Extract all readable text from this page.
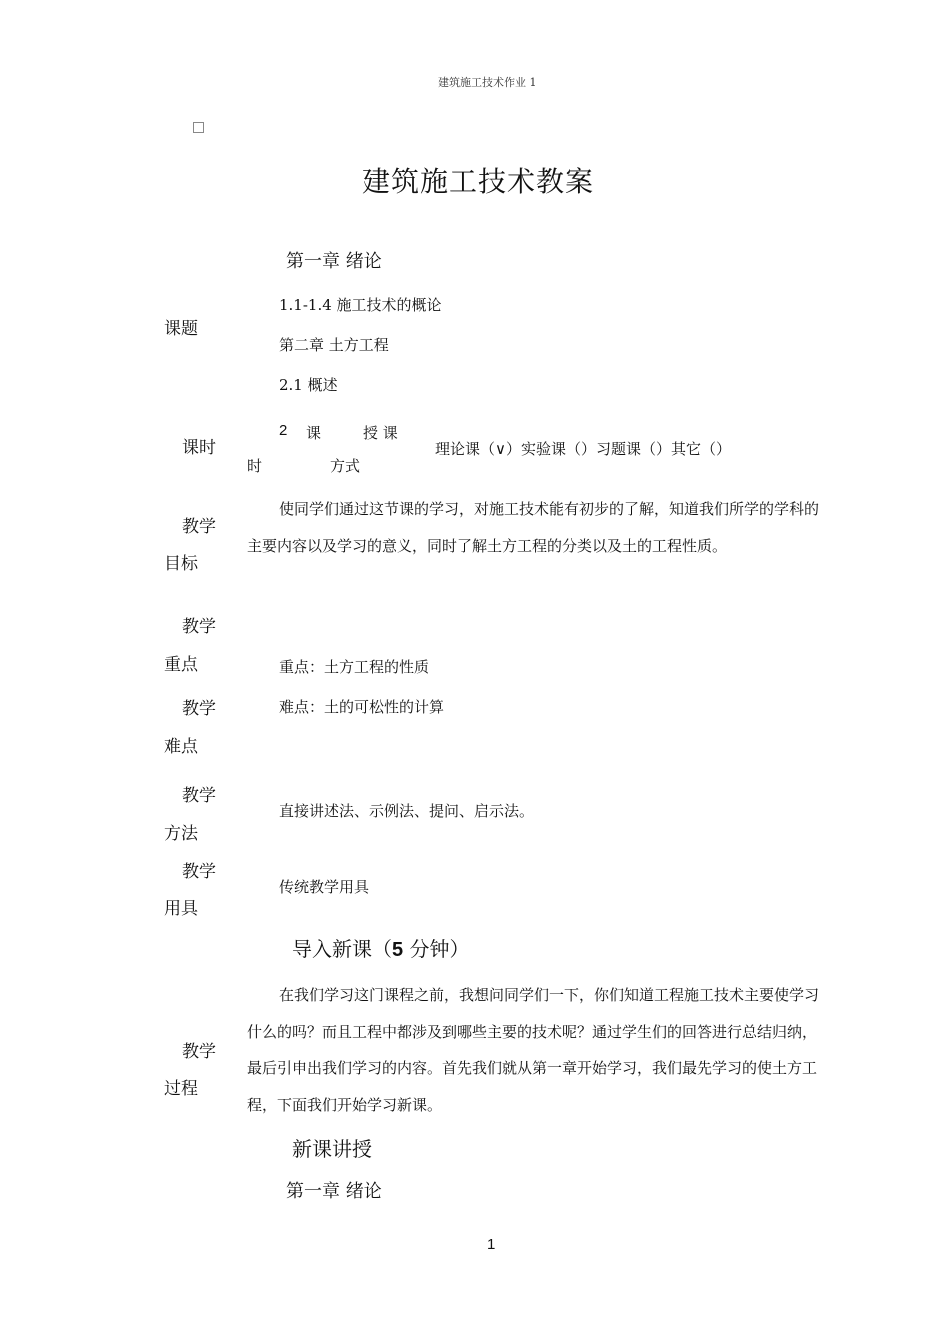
建筑施工技术作业 1
建筑施工技术教案
第一章 绪论
课题
1.1-1.4 施工技术的概论
第二章 土方工程
2.1 概述
课时
2 课
时
授 课
方式
理论课（∨）实验课（）习题课（）其它（）
教学
目标
使同学们通过这节课的学习，对施工技术能有初步的了解，知道我们所学的学科的主要内容以及学习的意义，同时了解土方工程的分类以及土的工程性质。
教学
重点	重点：土方工程的性质
教学
难点
难点：土的可松性的计算
教学
方法
直接讲述法、示例法、提问、启示法。
教学
用具
传统教学用具
导入新课（5 分钟）
教学
过程
在我们学习这门课程之前，我想问同学们一下，你们知道工程施工技术主要使学习什么的吗？而且工程中都涉及到哪些主要的技术呢？通过学生们的回答进行总结归纳，最后引申出我们学习的内容。首先我们就从第一章开始学习，我们最先学习的使土方工程，下面我们开始学习新课。
新课讲授
第一章 绪论
1
